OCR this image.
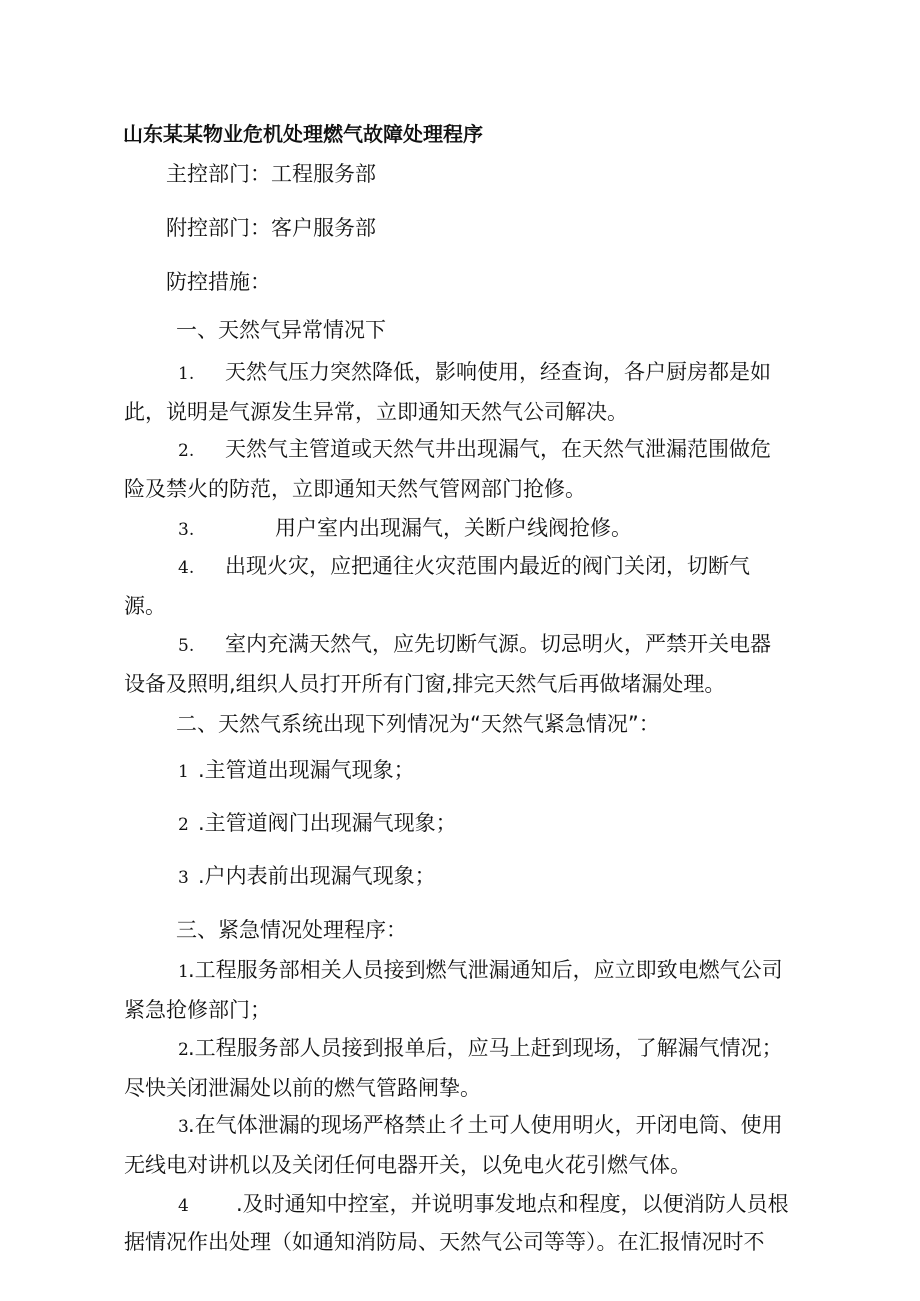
山东某某物业危机处理燃气故障处理程序
主控部门：工程服务部
附控部门：客户服务部
防控措施：
一、天然气异常情况下
1. 天然气压力突然降低，影响使用，经查询，各户厨房都是如
此，说明是气源发生异常，立即通知天然气公司解决。
2. 天然气主管道或天然气井出现漏气，在天然气泄漏范围做危
险及禁火的防范，立即通知天然气管网部门抢修。
3.	用户室内出现漏气，关断户线阀抢修。
4. 出现火灾，应把通往火灾范围内最近的阀门关闭，切断气
源。
5. 室内充满天然气，应先切断气源。切忌明火，严禁开关电器
设备及照明,组织人员打开所有门窗,排完天然气后再做堵漏处理。
二、天然气系统出现下列情况为“天然气紧急情况”：
1 .主管道出现漏气现象；
2 .主管道阀门出现漏气现象；
3 .户内表前出现漏气现象；
三、紧急情况处理程序：
1 .工程服务部相关人员接到燃气泄漏通知后，应立即致电燃气公司
紧急抢修部门；
2 .工程服务部人员接到报单后，应马上赶到现场，了解漏气情况；
尽快关闭泄漏处以前的燃气管路闸挚。
3 .在气体泄漏的现场严格禁止彳土可人使用明火，开闭电筒、使用
无线电对讲机以及关闭任何电器开关，以免电火花引燃气体。
4 .及时通知中控室，并说明事发地点和程度，以便消防人员根
据情况作出处理（如通知消防局、天然气公司等等）。在汇报情况时不
